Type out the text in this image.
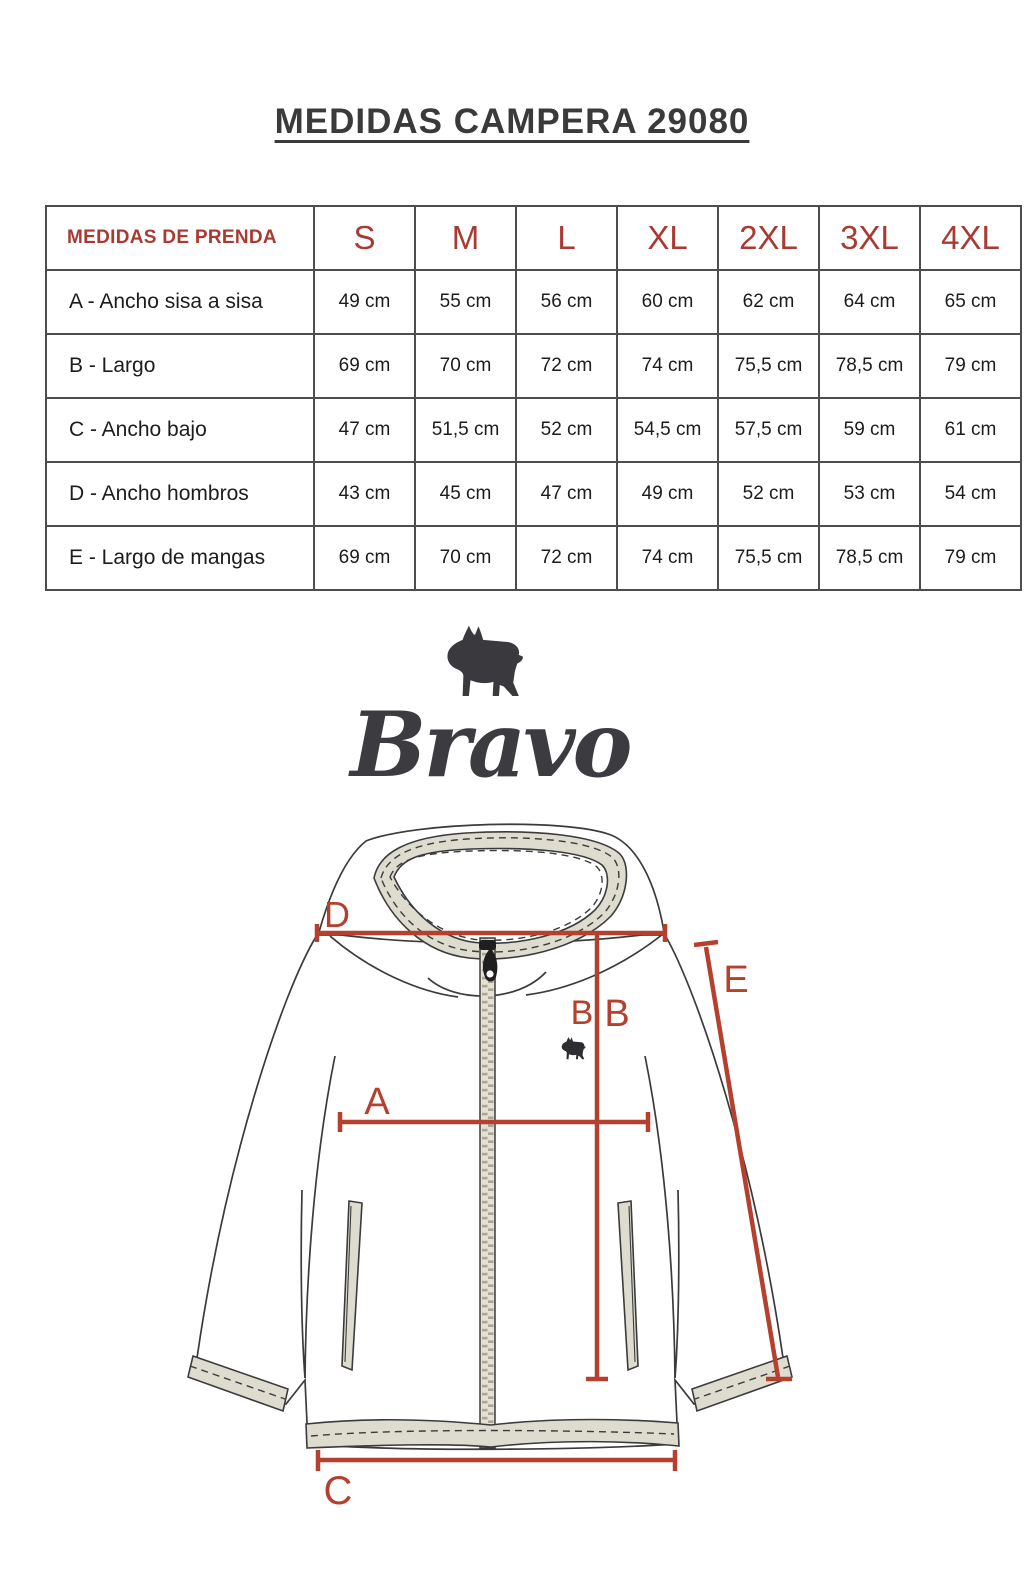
MEDIDAS CAMPERA 29080
MEDIDAS DE PRENDA	S	M	L	XL	2XL	3XL	4XL
A - Ancho sisa a sisa	49 cm	55 cm	56 cm	60 cm	62 cm	64 cm	65 cm
B - Largo	69 cm	70 cm	72 cm	74 cm	75,5 cm	78,5 cm	79 cm
C - Ancho bajo	47 cm	51,5 cm	52 cm	54,5 cm	57,5 cm	59 cm	61 cm
D - Ancho hombros	43 cm	45 cm	47 cm	49 cm	52 cm	53 cm	54 cm
E - Largo de mangas	69 cm	70 cm	72 cm	74 cm	75,5 cm	78,5 cm	79 cm
Bravo
D
B B
E
A
C
